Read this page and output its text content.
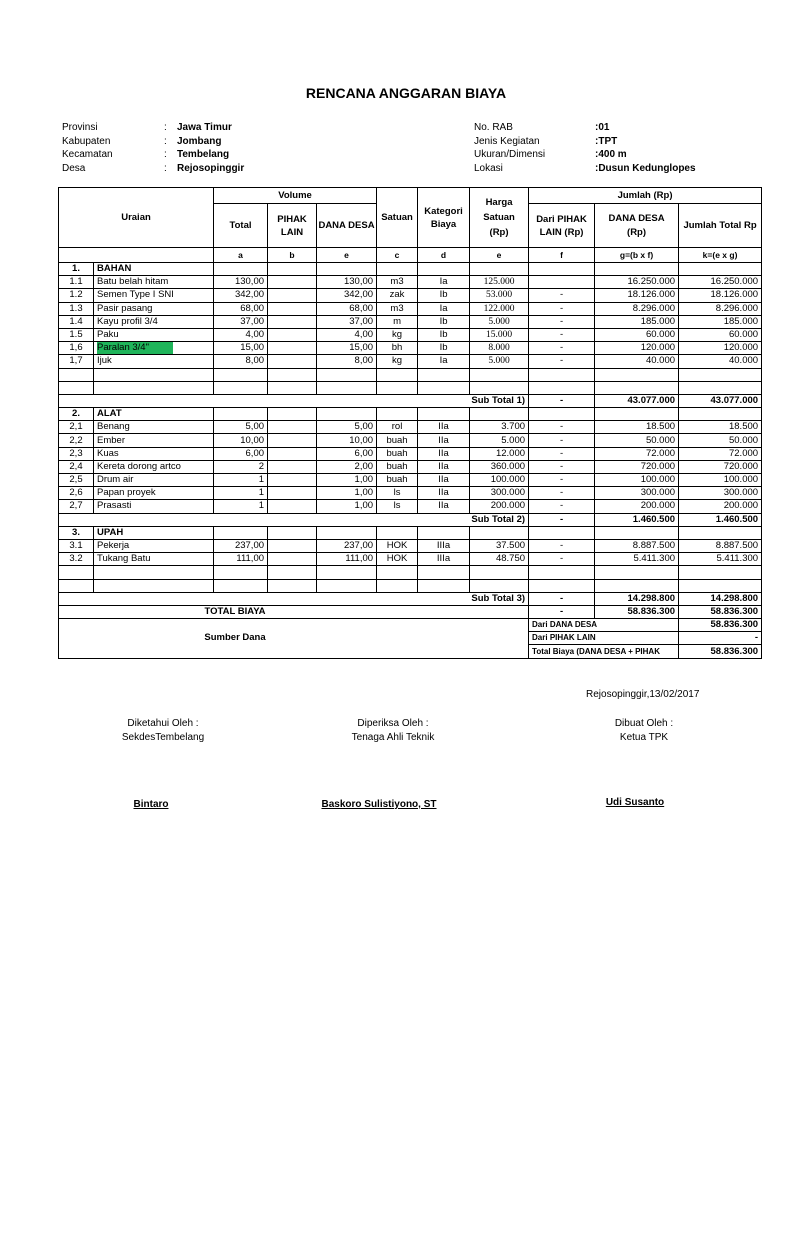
RENCANA ANGGARAN BIAYA
Provinsi	:	Jawa Timur
Kabupaten	:	Jombang
Kecamatan	:	Tembelang
Desa	:	Rejosopinggir
No. RAB	:01
Jenis Kegiatan	:TPT
Ukuran/Dimensi	:400 m
Lokasi	:Dusun Kedunglopes
Uraian		Volume			Satuan	Kategori Biaya	Harga Satuan (Rp)	Jumlah (Rp)		
		Total	PIHAK LAIN	DANA DESA				Dari PIHAK LAIN (Rp)	DANA DESA (Rp)	Jumlah Total Rp

		a	b	e	c	d	e	f	g=(b x f)	k=(e x g)
1.	BAHAN									
1.1	Batu belah hitam	130,00		130,00	m3	Ia	125.000		16.250.000	16.250.000
1.2	Semen Type I SNI	342,00		342,00	zak	Ib	53.000	-	18.126.000	18.126.000
1.3	Pasir pasang	68,00		68,00	m3	Ia	122.000	-	8.296.000	8.296.000
1.4	Kayu profil 3/4	37,00		37,00	m	Ib	5.000	-	185.000	185.000
1.5	Paku	4,00		4,00	kg	Ib	15.000	-	60.000	60.000
1,6	Paralan 3/4"	15,00		15,00	bh	Ib	8.000	-	120.000	120.000
1,7	Ijuk	8,00		8,00	kg	Ia	5.000	-	40.000	40.000

Sub Total 1)								-	43.077.000	43.077.000
2.	ALAT									
2,1	Benang	5,00		5,00	rol	IIa	3.700	-	18.500	18.500
2,2	Ember	10,00		10,00	buah	IIa	5.000	-	50.000	50.000
2,3	Kuas	6,00		6,00	buah	IIa	12.000	-	72.000	72.000
2,4	Kereta dorong artco	2		2,00	buah	IIa	360.000	-	720.000	720.000
2,5	Drum air	1		1,00	buah	IIa	100.000	-	100.000	100.000
2,6	Papan proyek	1		1,00	ls	IIa	300.000	-	300.000	300.000
2,7	Prasasti	1		1,00	ls	IIa	200.000	-	200.000	200.000
Sub Total 2)								-	1.460.500	1.460.500
3.	UPAH									
3.1	Pekerja	237,00		237,00	HOK	IIIa	37.500	-	8.887.500	8.887.500
3.2	Tukang Batu	111,00		111,00	HOK	IIIa	48.750	-	5.411.300	5.411.300

Sub Total 3)								-	14.298.800	14.298.800
TOTAL BIAYA								-	58.836.300	58.836.300
Sumber Dana								Dari DANA DESA		58.836.300
								Dari PIHAK LAIN		-
								Total Biaya (DANA DESA + PIHAK		58.836.300
Rejosopinggir,13/02/2017
Diketahui Oleh :
SekdesTembelang
Diperiksa Oleh :
Tenaga Ahli Teknik
Dibuat Oleh :
Ketua TPK
Bintaro	Baskoro Sulistiyono, ST	Udi Susanto
